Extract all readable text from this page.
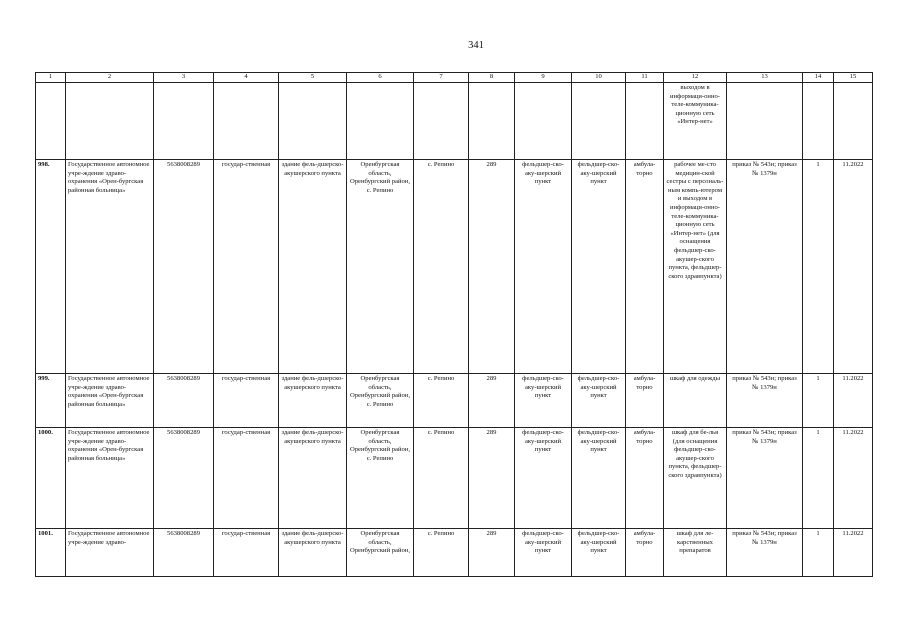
341
1	2	3	4	5	6	7	8	9	10	11	12	13	14	15
											выходом в информаци-онно-теле-коммуника-ционную сеть «Интер-нет»			
998.	Государственное автономное учре-ждение здраво-охранения «Орен-бургская районная больница»	5638008289	государ-ственная	здание фель-дшерско-акушерского пункта	Оренбургская область, Оренбургский район, с. Репино	с. Репино	289	фельдшер-ско-аку-шерский пункт	фельдшер-ско-аку-шерский пункт	амбула-торно	рабочее ме-сто медицин-ской сестры с персональ-ным компь-ютером и выходом в информаци-онно-теле-коммуника-ционную сеть «Интер-нет» (для оснащения фельдшер-ско-акушер-ского пункта, фельдшер-ского здравпункта)	приказ № 543н; приказ № 1379н	1	11.2022
999.	Государственное автономное учре-ждение здраво-охранения «Орен-бургская районная больница»	5638008289	государ-ственная	здание фель-дшерско-акушерского пункта	Оренбургская область, Оренбургский район, с. Репино	с. Репино	289	фельдшер-ско-аку-шерский пункт	фельдшер-ско-аку-шерский пункт	амбула-торно	шкаф для одежды	приказ № 543н; приказ № 1379н	1	11.2022
1000.	Государственное автономное учре-ждение здраво-охранения «Орен-бургская районная больница»	5638008289	государ-ственная	здание фель-дшерско-акушерского пункта	Оренбургская область, Оренбургский район, с. Репино	с. Репино	289	фельдшер-ско-аку-шерский пункт	фельдшер-ско-аку-шерский пункт	амбула-торно	шкаф для бе-лья (для оснащения фельдшер-ско-акушер-ского пункта, фельдшер-ского здравпункта)	приказ № 543н; приказ № 1379н	1	11.2022
1001.	Государственное автономное учре-ждение здраво-	5638008289	государ-ственная	здание фель-дшерско-акушерского пункта	Оренбургская область, Оренбургский район,	с. Репино	289	фельдшер-ско-аку-шерский пункт	фельдшер-ско-аку-шерский пункт	амбула-торно	шкаф для ле-карственных препаратов	приказ № 543н; приказ № 1379н	1	11.2022
